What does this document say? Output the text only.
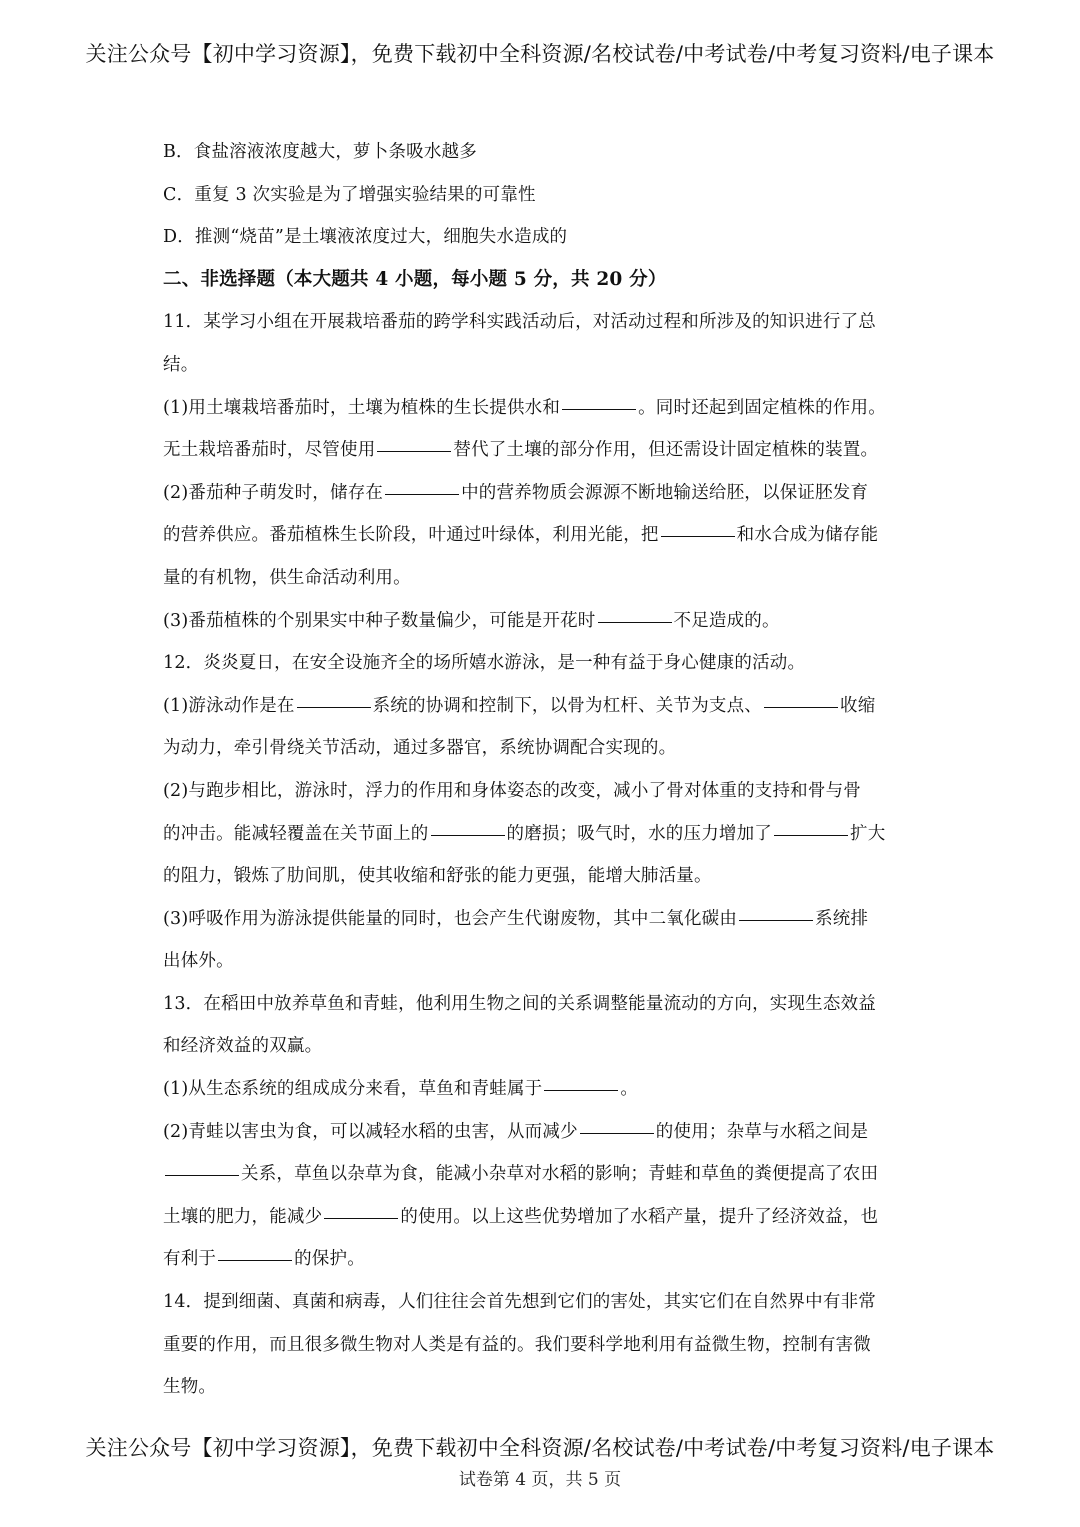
关注公众号【初中学习资源】，免费下载初中全科资源/名校试卷/中考试卷/中考复习资料/电子课本
B．食盐溶液浓度越大，萝卜条吸水越多
C．重复 3 次实验是为了增强实验结果的可靠性
D．推测“烧苗”是土壤液浓度过大，细胞失水造成的
二、非选择题（本大题共 4 小题，每小题 5 分，共 20 分）
11．某学习小组在开展栽培番茄的跨学科实践活动后，对活动过程和所涉及的知识进行了总
结。
(1)用土壤栽培番茄时，土壤为植株的生长提供水和	。同时还起到固定植株的作用。
无土栽培番茄时，尽管使用	替代了土壤的部分作用，但还需设计固定植株的装置。
(2)番茄种子萌发时，储存在	中的营养物质会源源不断地输送给胚，以保证胚发育
的营养供应。番茄植株生长阶段，叶通过叶绿体，利用光能，把	和水合成为储存能
量的有机物，供生命活动利用。
(3)番茄植株的个别果实中种子数量偏少，可能是开花时	不足造成的。
12．炎炎夏日，在安全设施齐全的场所嬉水游泳，是一种有益于身心健康的活动。
(1)游泳动作是在	系统的协调和控制下，以骨为杠杆、关节为支点、	收缩
为动力，牵引骨绕关节活动，通过多器官，系统协调配合实现的。
(2)与跑步相比，游泳时，浮力的作用和身体姿态的改变，减小了骨对体重的支持和骨与骨
的冲击。能减轻覆盖在关节面上的	的磨损；吸气时，水的压力增加了	扩大
的阻力，锻炼了肋间肌，使其收缩和舒张的能力更强，能增大肺活量。
(3)呼吸作用为游泳提供能量的同时，也会产生代谢废物，其中二氧化碳由	系统排
出体外。
13．在稻田中放养草鱼和青蛙，他利用生物之间的关系调整能量流动的方向，实现生态效益
和经济效益的双赢。
(1)从生态系统的组成成分来看，草鱼和青蛙属于	。
(2)青蛙以害虫为食，可以减轻水稻的虫害，从而减少	的使用；杂草与水稻之间是
关系，草鱼以杂草为食，能减小杂草对水稻的影响；青蛙和草鱼的粪便提高了农田
土壤的肥力，能减少	的使用。以上这些优势增加了水稻产量，提升了经济效益，也
有利于	的保护。
14．提到细菌、真菌和病毒，人们往往会首先想到它们的害处，其实它们在自然界中有非常
重要的作用，而且很多微生物对人类是有益的。我们要科学地利用有益微生物，控制有害微
生物。
关注公众号【初中学习资源】，免费下载初中全科资源/名校试卷/中考试卷/中考复习资料/电子课本
试卷第 4 页，共 5 页
